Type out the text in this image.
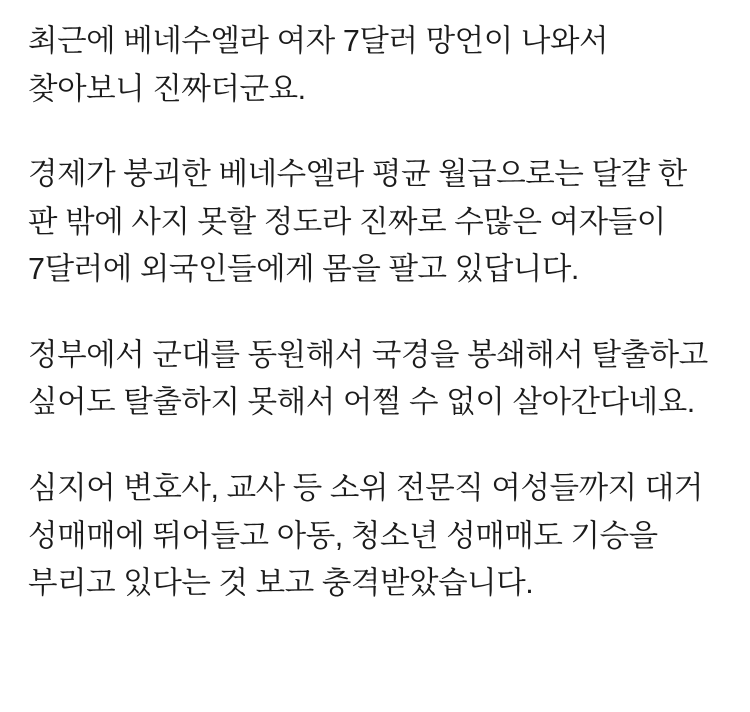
최근에 베네수엘라 여자 7달러 망언이 나와서 찾아보니 진짜더군요.

경제가 붕괴한 베네수엘라 평균 월급으로는 달걀 한 판 밖에 사지 못할 정도라 진짜로 수많은 여자들이 7달러에 외국인들에게 몸을 팔고 있답니다.

정부에서 군대를 동원해서 국경을 봉쇄해서 탈출하고 싶어도 탈출하지 못해서 어쩔 수 없이 살아간다네요.

심지어 변호사, 교사 등 소위 전문직 여성들까지 대거 성매매에 뛰어들고 아동, 청소년 성매매도 기승을 부리고 있다는 것 보고 충격받았습니다.
